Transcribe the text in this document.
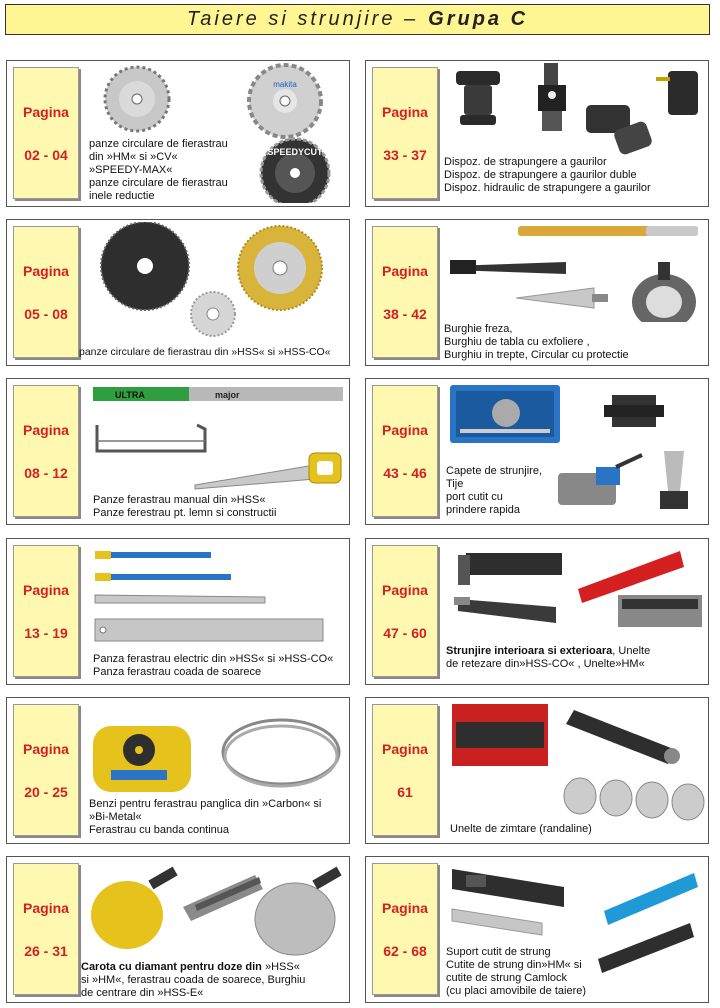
Taiere si strunjire – Grupa C
Pagina
02 - 04
makita
SPEEDYCUT
panze circulare de fierastrau
din »HM« si »CV«
»SPEEDY-MAX«
panze circulare de fierastrau
inele reductie
Pagina
33 - 37 Dispoz. de strapungere a gaurilor
Dispoz. de strapungere a gaurilor duble
Dispoz. hidraulic de strapungere a gaurilor
Pagina
05 - 08
panze circulare de fierastrau din »HSS« si »HSS-CO«
Pagina
38 - 42
Burghie freza,
Burghiu de tabla cu exfoliere ,
Burghiu in trepte, Circular cu protectie
Pagina
08 - 12
ULTRA	major
Panze ferastrau manual din »HSS«
Panze ferestrau pt. lemn si constructii
Pagina
43 - 46 Capete de strunjire,
Tije
port cutit cu
prindere rapida
Pagina
13 - 19
Panza ferastrau electric din »HSS« si »HSS-CO«
Panza ferastrau coada de soarece
Pagina
47 - 60
Strunjire interioara si exterioara, Unelte
de retezare din»HSS-CO« , Unelte»HM«
Pagina
20 - 25
Benzi pentru ferastrau panglica din »Carbon« si
»Bi-Metal«
Ferastrau cu banda continua
Pagina
61
Unelte de zimtare (randaline)
Pagina
26 - 31
Carota cu diamant pentru doze din »HSS«
si »HM«, ferastrau coada de soarece, Burghiu
de centrare din »HSS-E«
Pagina
62 - 68 Suport cutit de strung
Cutite de strung din»HM« si
cutite de strung Camlock
(cu placi amovibile de taiere)
